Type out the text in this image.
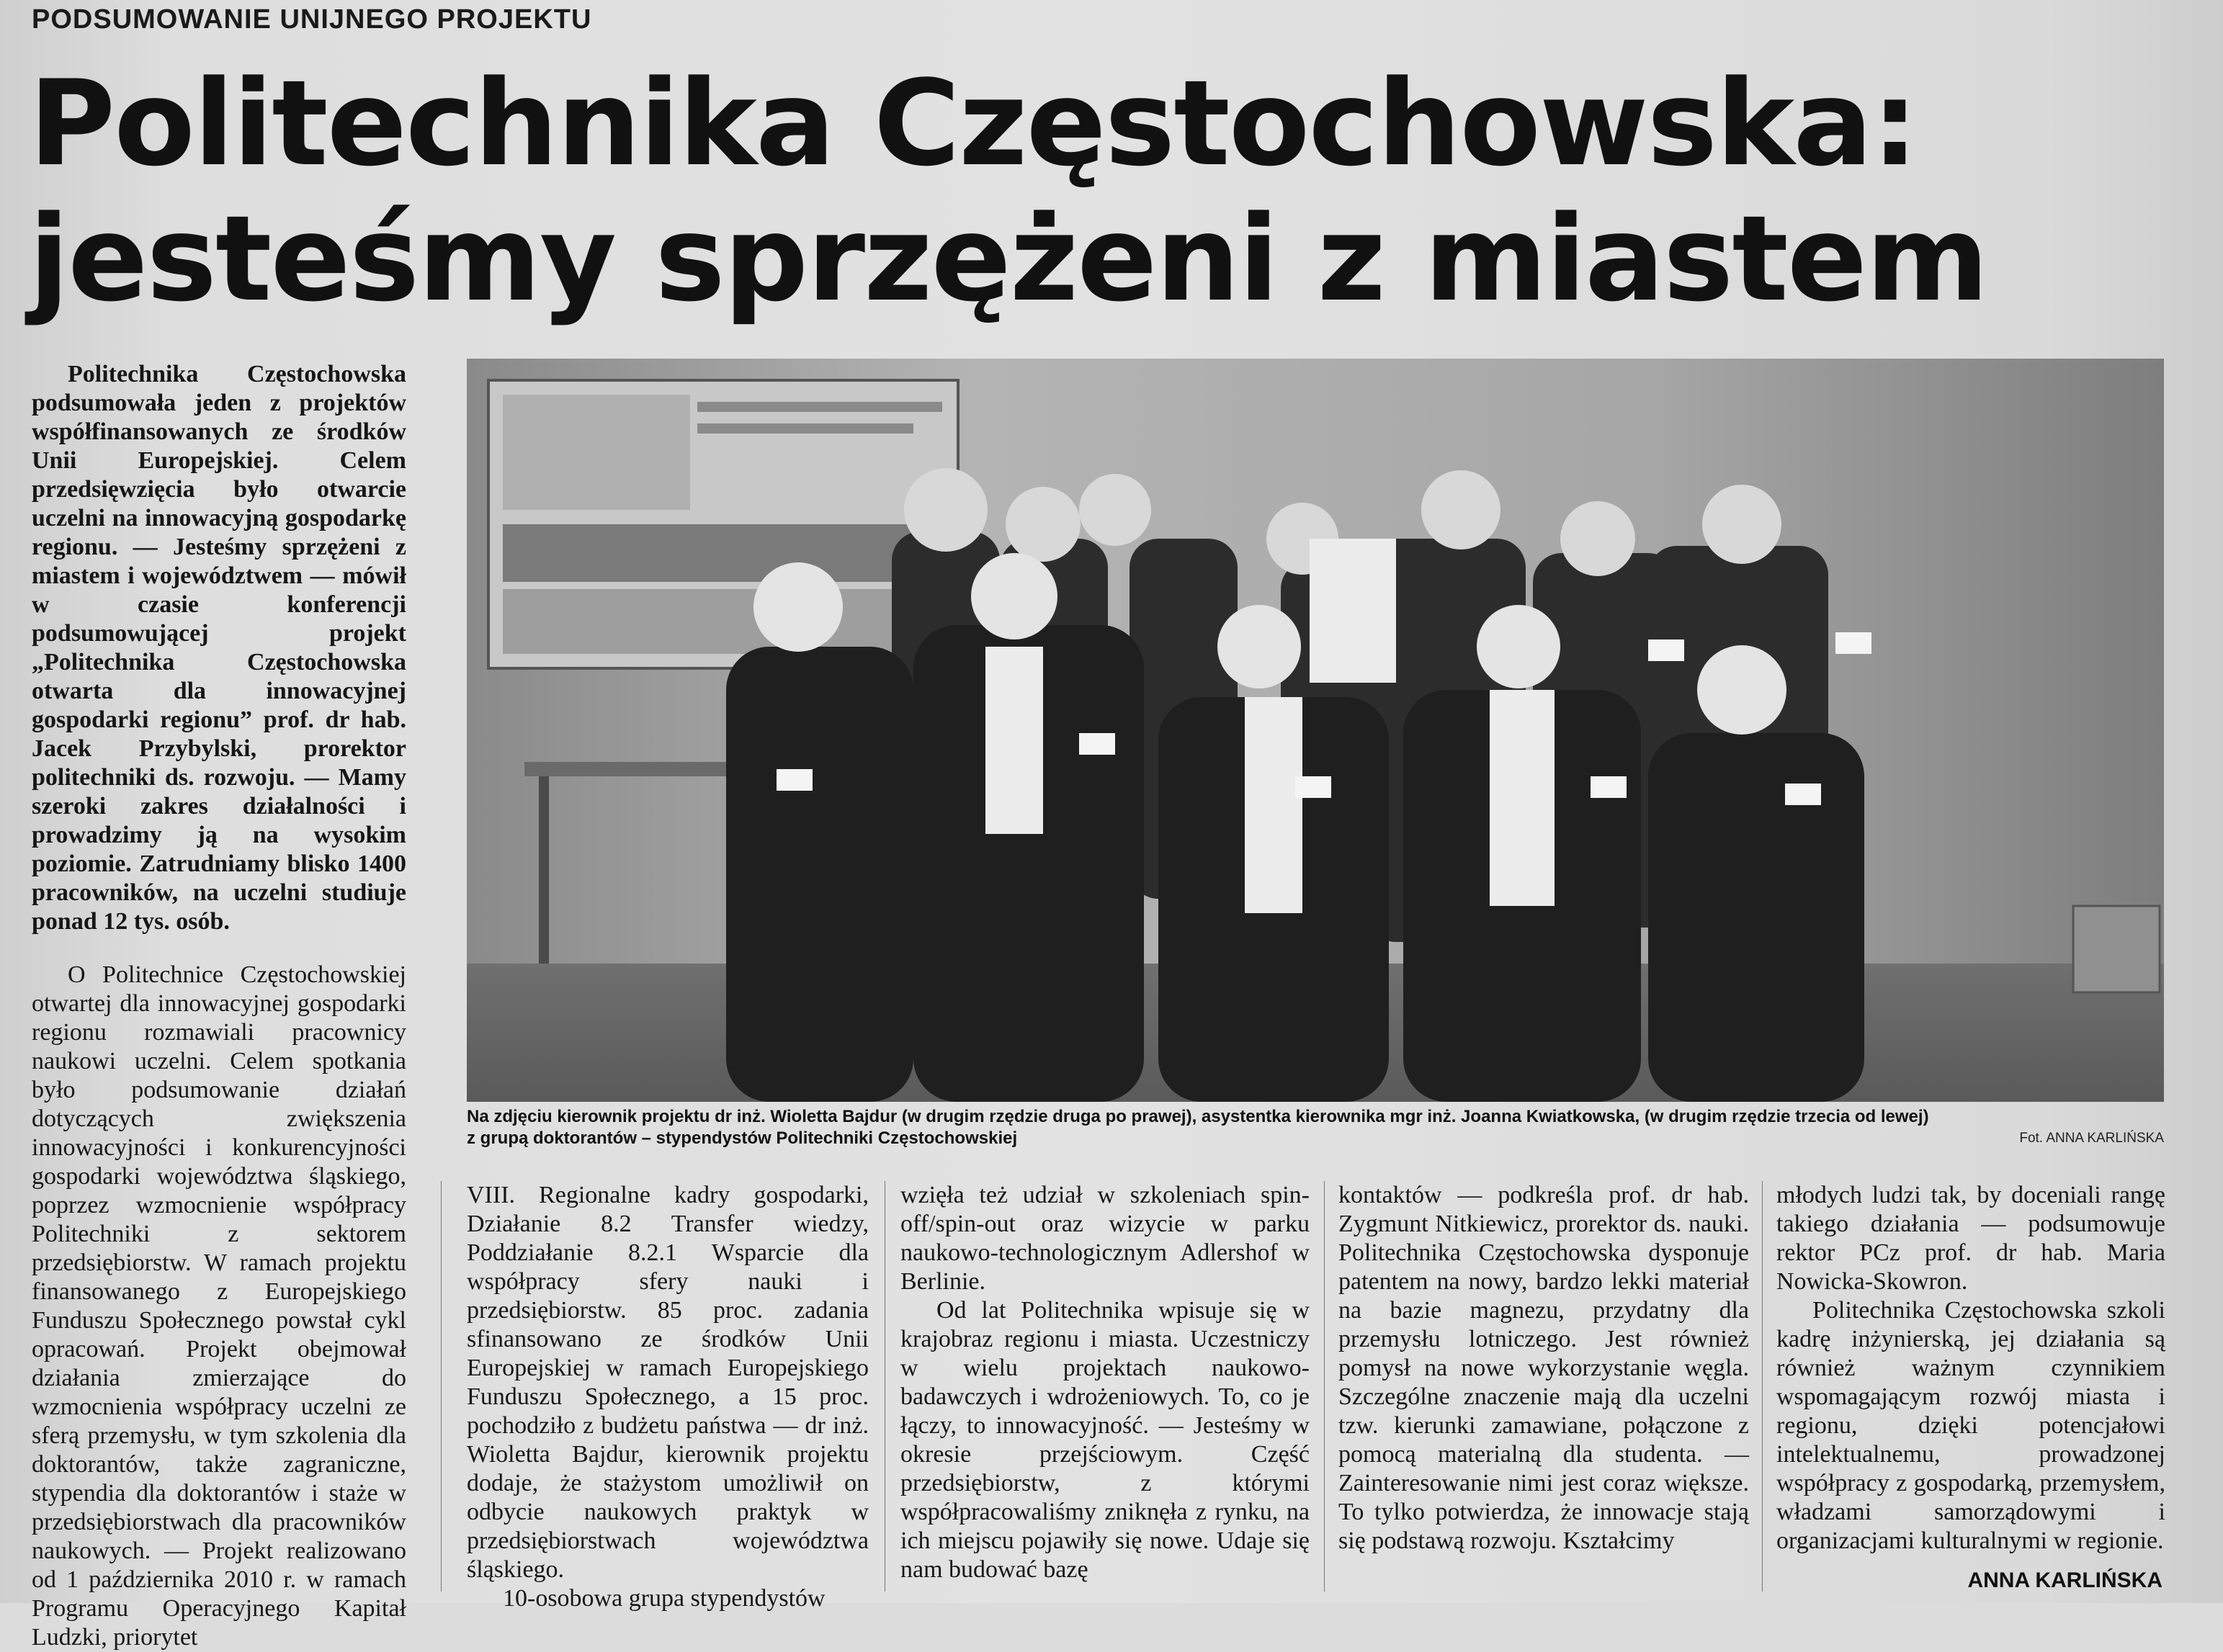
PODSUMOWANIE UNIJNEGO PROJEKTU
Politechnika Częstochowska:
jesteśmy sprzężeni z miastem

Politechnika Częstochowska podsumowała jeden z projektów współfinansowanych ze środków Unii Europejskiej. Celem przedsięwzięcia było otwarcie uczelni na innowacyjną gospodarkę regionu. — Jesteśmy sprzężeni z miastem i województwem — mówił w czasie konferencji podsumowującej projekt „Politechnika Częstochowska otwarta dla innowacyjnej gospodarki regionu” prof. dr hab. Jacek Przybylski, prorektor politechniki ds. rozwoju. — Mamy szeroki zakres działalności i prowadzimy ją na wysokim poziomie. Zatrudniamy blisko 1400 pracowników, na uczelni studiuje ponad 12 tys. osób.

O Politechnice Częstochowskiej otwartej dla innowacyjnej gospodarki regionu rozmawiali pracownicy naukowi uczelni. Celem spotkania było podsumowanie działań dotyczących zwiększenia innowacyjności i konkurencyjności gospodarki województwa śląskiego, poprzez wzmocnienie współpracy Politechniki z sektorem przedsiębiorstw. W ramach projektu finansowanego z Europejskiego Funduszu Społecznego powstał cykl opracowań. Projekt obejmował działania zmierzające do wzmocnienia współpracy uczelni ze sferą przemysłu, w tym szkolenia dla doktorantów, także zagraniczne, stypendia dla doktorantów i staże w przedsiębiorstwach dla pracowników naukowych. — Projekt realizowano od 1 października 2010 r. w ramach Programu Operacyjnego Kapitał Ludzki, priorytet

Na zdjęciu kierownik projektu dr inż. Wioletta Bajdur (w drugim rzędzie druga po prawej), asystentka kierownika mgr inż. Joanna Kwiatkowska, (w drugim rzędzie trzecia od lewej)
z grupą doktorantów – stypendystów Politechniki Częstochowskiej	Fot. ANNA KARLIŃSKA

VIII. Regionalne kadry gospodarki, Działanie 8.2 Transfer wiedzy, Poddziałanie 8.2.1 Wsparcie dla współpracy sfery nauki i przedsiębiorstw. 85 proc. zadania sfinansowano ze środków Unii Europejskiej w ramach Europejskiego Funduszu Społecznego, a 15 proc. pochodziło z budżetu państwa — dr inż. Wioletta Bajdur, kierownik projektu dodaje, że stażystom umożliwił on odbycie naukowych praktyk w przedsiębiorstwach województwa śląskiego.

10-osobowa grupa stypendystów

wzięła też udział w szkoleniach spin-off/spin-out oraz wizycie w parku naukowo-technologicznym Adlershof w Berlinie.

Od lat Politechnika wpisuje się w krajobraz regionu i miasta. Uczestniczy w wielu projektach naukowo-badawczych i wdrożeniowych. To, co je łączy, to innowacyjność. — Jesteśmy w okresie przejściowym. Część przedsiębiorstw, z którymi współpracowaliśmy zniknęła z rynku, na ich miejscu pojawiły się nowe. Udaje się nam budować bazę

kontaktów — podkreśla prof. dr hab. Zygmunt Nitkiewicz, prorektor ds. nauki. Politechnika Częstochowska dysponuje patentem na nowy, bardzo lekki materiał na bazie magnezu, przydatny dla przemysłu lotniczego. Jest również pomysł na nowe wykorzystanie węgla. Szczególne znaczenie mają dla uczelni tzw. kierunki zamawiane, połączone z pomocą materialną dla studenta. — Zainteresowanie nimi jest coraz większe. To tylko potwierdza, że innowacje stają się podstawą rozwoju. Kształcimy

młodych ludzi tak, by doceniali rangę takiego działania — podsumowuje rektor PCz prof. dr hab. Maria Nowicka-Skowron.

Politechnika Częstochowska szkoli kadrę inżynierską, jej działania są również ważnym czynnikiem wspomagającym rozwój miasta i regionu, dzięki potencjałowi intelektualnemu, prowadzonej współpracy z gospodarką, przemysłem, władzami samorządowymi i organizacjami kulturalnymi w regionie.

ANNA KARLIŃSKA
